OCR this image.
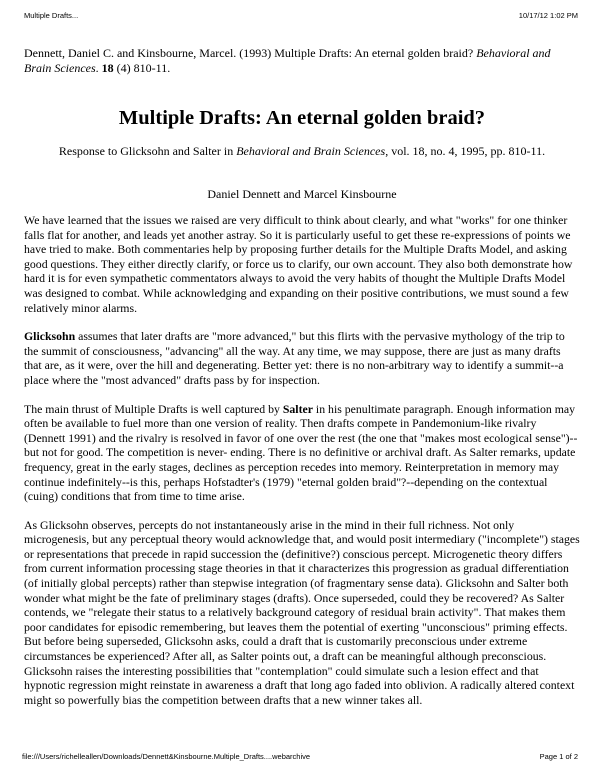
Multiple Drafts...	10/17/12 1:02 PM

Dennett, Daniel C. and Kinsbourne, Marcel. (1993) Multiple Drafts: An eternal golden braid? Behavioral and Brain Sciences. 18 (4) 810-11.

Multiple Drafts: An eternal golden braid?

Response to Glicksohn and Salter in Behavioral and Brain Sciences, vol. 18, no. 4, 1995, pp. 810-11.

Daniel Dennett and Marcel Kinsbourne

We have learned that the issues we raised are very difficult to think about clearly, and what "works" for one thinker falls flat for another, and leads yet another astray. So it is particularly useful to get these re-expressions of points we have tried to make. Both commentaries help by proposing further details for the Multiple Drafts Model, and asking good questions. They either directly clarify, or force us to clarify, our own account. They also both demonstrate how hard it is for even sympathetic commentators always to avoid the very habits of thought the Multiple Drafts Model was designed to combat. While acknowledging and expanding on their positive contributions, we must sound a few relatively minor alarms.

Glicksohn assumes that later drafts are "more advanced," but this flirts with the pervasive mythology of the trip to the summit of consciousness, "advancing" all the way. At any time, we may suppose, there are just as many drafts that are, as it were, over the hill and degenerating. Better yet: there is no non-arbitrary way to identify a summit--a place where the "most advanced" drafts pass by for inspection.

The main thrust of Multiple Drafts is well captured by Salter in his penultimate paragraph. Enough information may often be available to fuel more than one version of reality. Then drafts compete in Pandemonium-like rivalry (Dennett 1991) and the rivalry is resolved in favor of one over the rest (the one that "makes most ecological sense")--but not for good. The competition is never- ending. There is no definitive or archival draft. As Salter remarks, update frequency, great in the early stages, declines as perception recedes into memory. Reinterpretation in memory may continue indefinitely--is this, perhaps Hofstadter's (1979) "eternal golden braid"?--depending on the contextual (cuing) conditions that from time to time arise.

As Glicksohn observes, percepts do not instantaneously arise in the mind in their full richness. Not only microgenesis, but any perceptual theory would acknowledge that, and would posit intermediary ("incomplete") stages or representations that precede in rapid succession the (definitive?) conscious percept. Microgenetic theory differs from current information processing stage theories in that it characterizes this progression as gradual differentiation (of initially global percepts) rather than stepwise integration (of fragmentary sense data). Glicksohn and Salter both wonder what might be the fate of preliminary stages (drafts). Once superseded, could they be recovered? As Salter contends, we "relegate their status to a relatively background category of residual brain activity". That makes them poor candidates for episodic remembering, but leaves them the potential of exerting "unconscious" priming effects. But before being superseded, Glicksohn asks, could a draft that is customarily preconscious under extreme circumstances be experienced? After all, as Salter points out, a draft can be meaningful although preconscious. Glicksohn raises the interesting possibilities that "contemplation" could simulate such a lesion effect and that hypnotic regression might reinstate in awareness a draft that long ago faded into oblivion. A radically altered context might so powerfully bias the competition between drafts that a new winner takes all.

file:///Users/richelleallen/Downloads/Dennett&Kinsbourne.Multiple_Drafts....webarchive	Page 1 of 2
